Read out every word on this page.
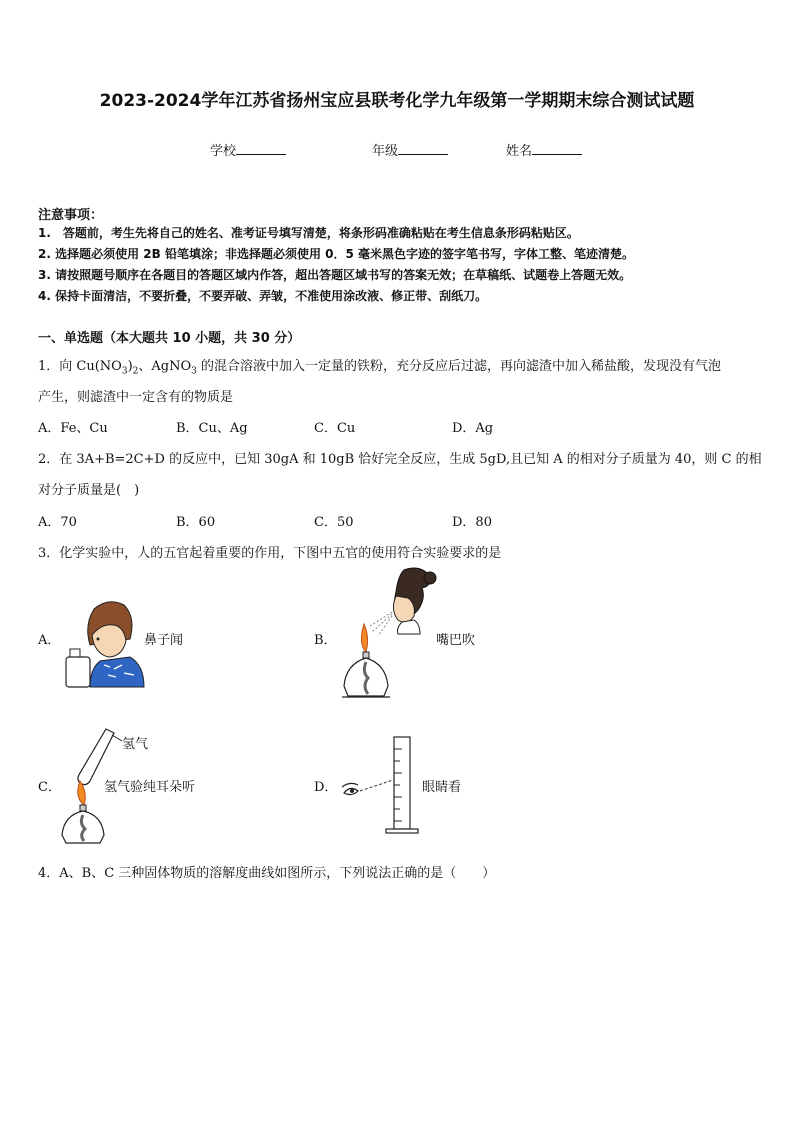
2023-2024学年江苏省扬州宝应县联考化学九年级第一学期期末综合测试试题
学校	年级	姓名
注意事项：
1.　答题前，考生先将自己的姓名、准考证号填写清楚，将条形码准确粘贴在考生信息条形码粘贴区。
2. 选择题必须使用 2B 铅笔填涂；非选择题必须使用 0．5 毫米黑色字迹的签字笔书写，字体工整、笔迹清楚。
3. 请按照题号顺序在各题目的答题区域内作答，超出答题区域书写的答案无效；在草稿纸、试题卷上答题无效。
4. 保持卡面清洁，不要折叠，不要弄破、弄皱，不准使用涂改液、修正带、刮纸刀。
一、单选题（本大题共 10 小题，共 30 分）
1．向 $Cu(NO_3)_2$、AgNO$_3$ 的混合溶液中加入一定量的铁粉，充分反应后过滤，再向滤渣中加入稀盐酸，发现没有气泡
产生，则滤渣中一定含有的物质是
A．Fe、Cu	B．Cu、Ag	C．Cu	D．Ag
2．在 3A+B=2C+D 的反应中，已知 30gA 和 10gB 恰好完全反应，生成 5gD,且已知 A 的相对分子质量为 40，则 C 的相
对分子质量是(　)
A．70	B．60	C．50	D．80
3．化学实验中，人的五官起着重要的作用，下图中五官的使用符合实验要求的是
A．	B．
C．	D．
鼻子闻	嘴巴吹
氢气
氢气验纯耳朵听	眼睛看
4．A、B、C 三种固体物质的溶解度曲线如图所示，下列说法正确的是（　　）
